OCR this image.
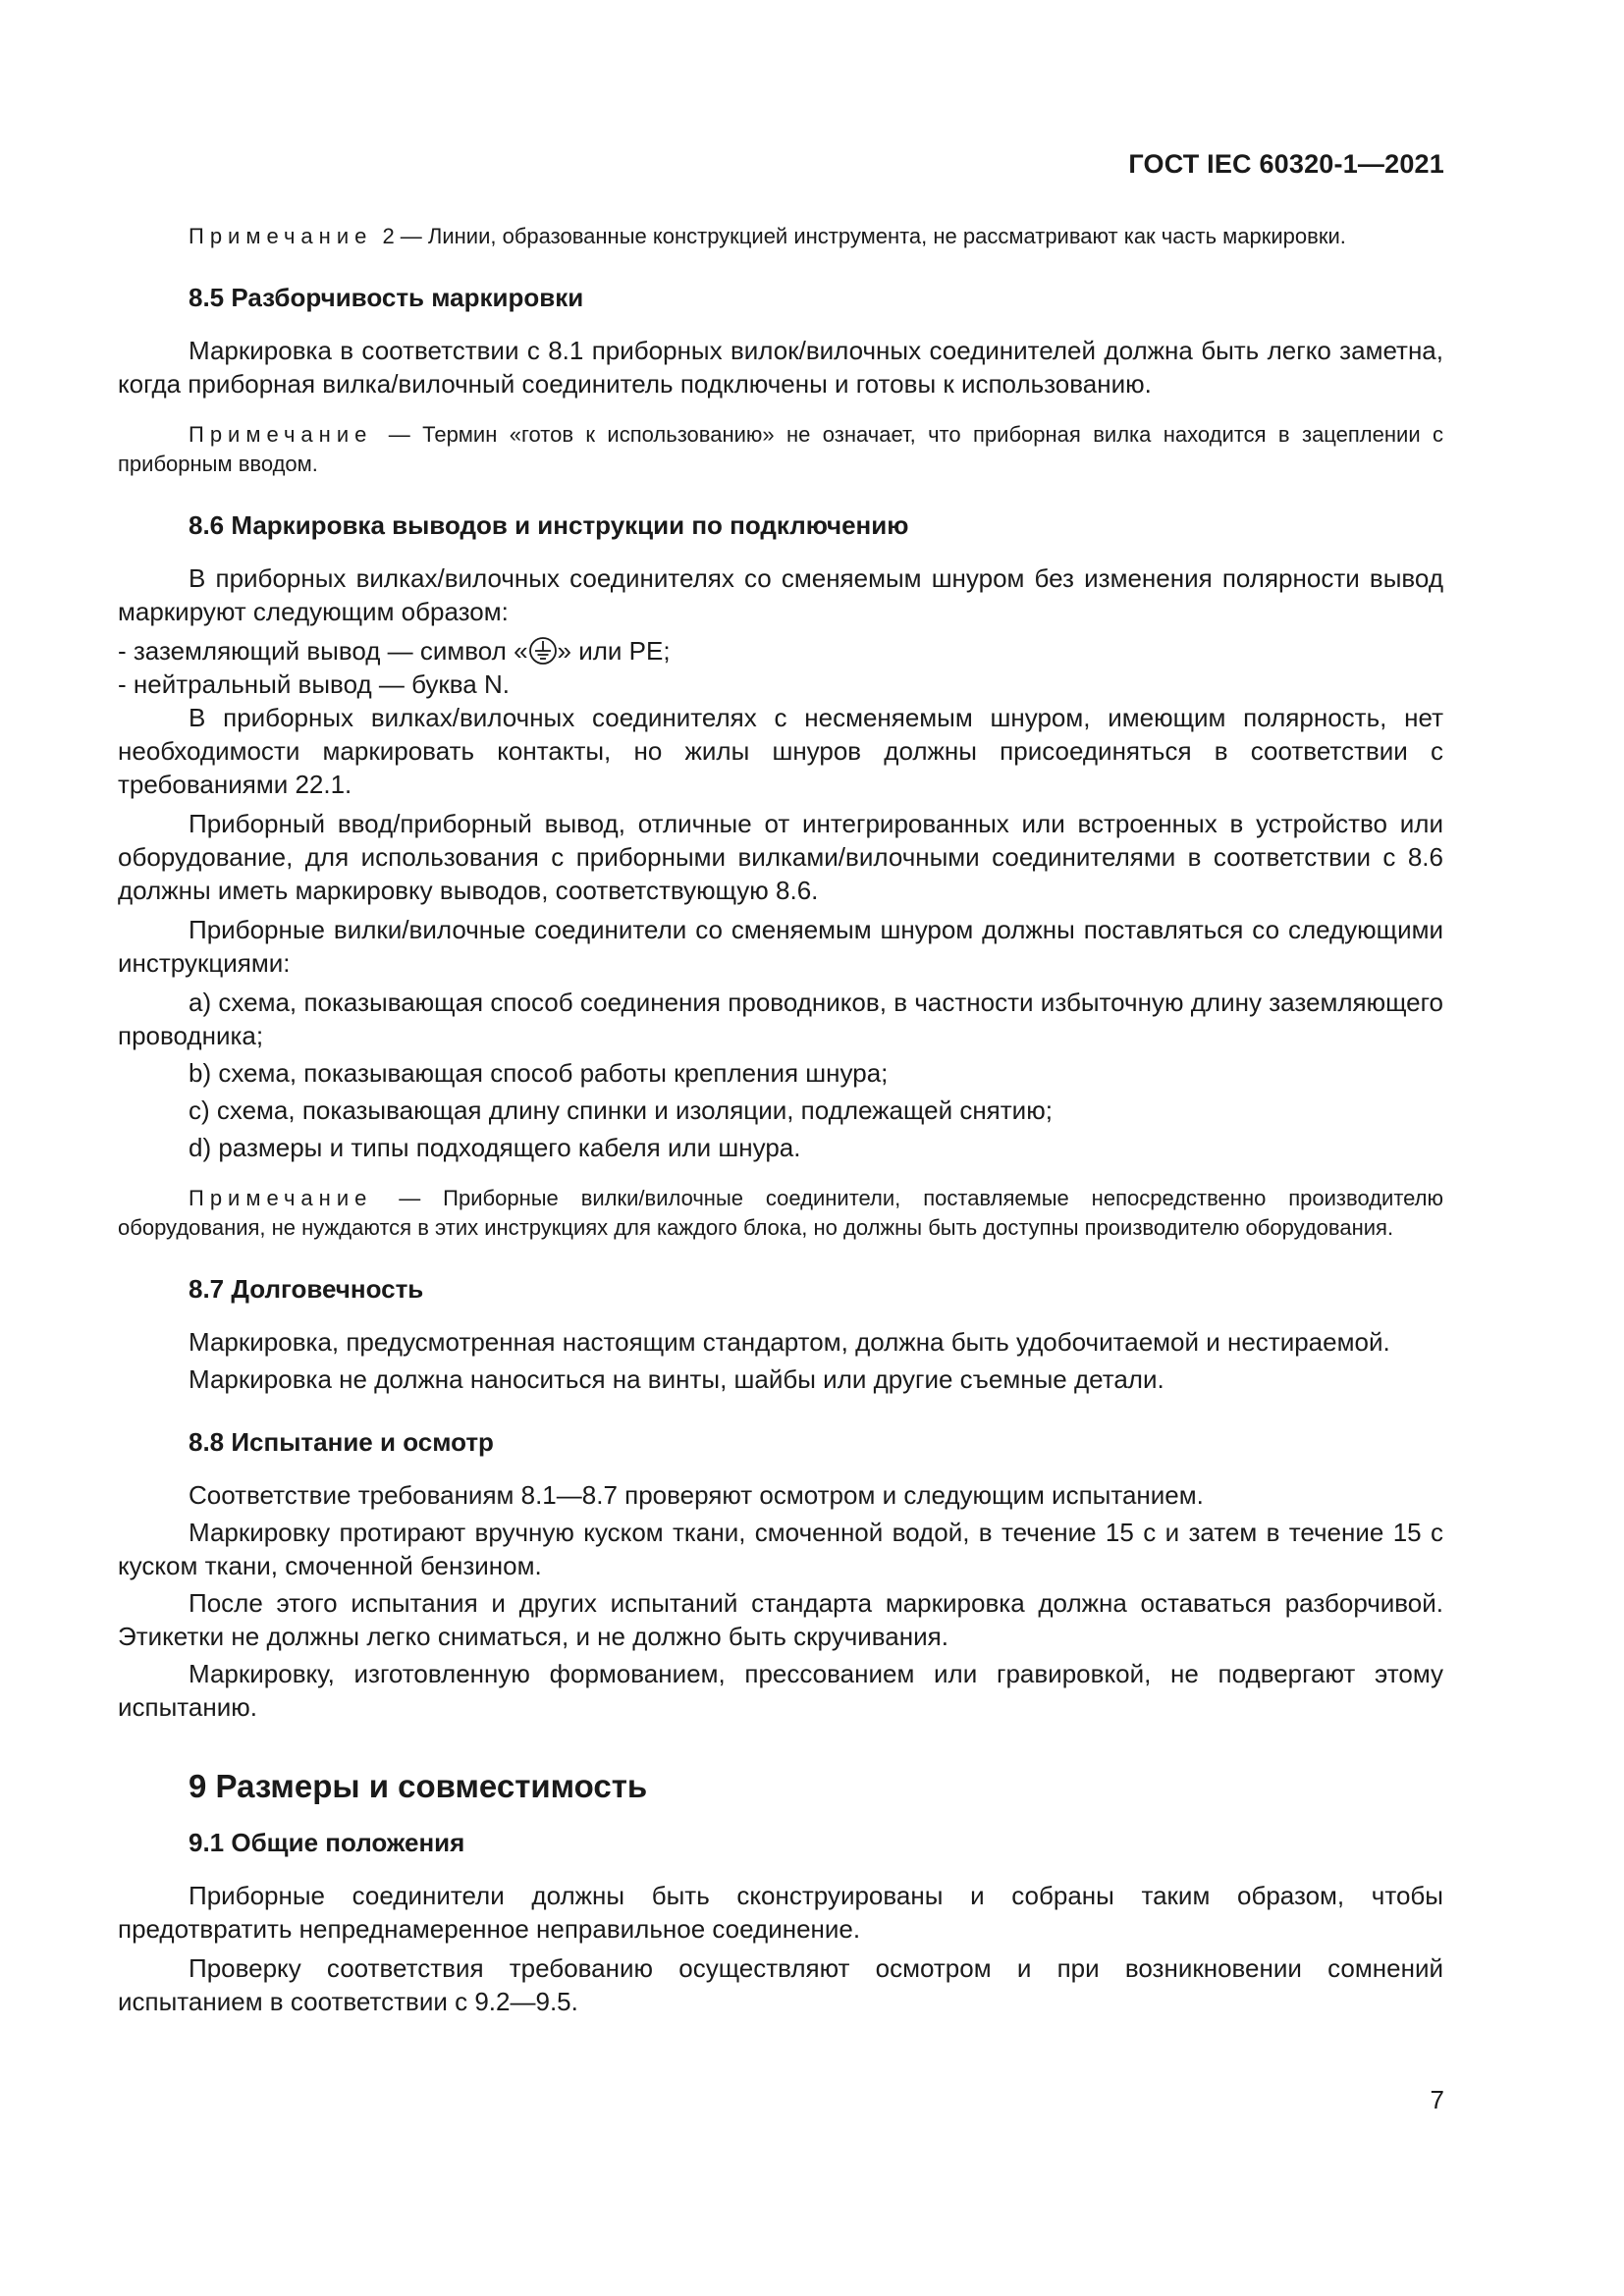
ГОСТ IEC 60320-1—2021

Примечание 2 — Линии, образованные конструкцией инструмента, не рассматривают как часть маркировки.

8.5 Разборчивость маркировки

Маркировка в соответствии с 8.1 приборных вилок/вилочных соединителей должна быть легко заметна, когда приборная вилка/вилочный соединитель подключены и готовы к использованию.

Примечание — Термин «готов к использованию» не означает, что приборная вилка находится в зацеплении с приборным вводом.

8.6 Маркировка выводов и инструкции по подключению

В приборных вилках/вилочных соединителях со сменяемым шнуром без изменения полярности вывод маркируют следующим образом:

- заземляющий вывод — символ « » или PE;

- нейтральный вывод — буква N.

В приборных вилках/вилочных соединителях с несменяемым шнуром, имеющим полярность, нет необходимости маркировать контакты, но жилы шнуров должны присоединяться в соответствии с требованиями 22.1.

Приборный ввод/приборный вывод, отличные от интегрированных или встроенных в устройство или оборудование, для использования с приборными вилками/вилочными соединителями в соответствии с 8.6 должны иметь маркировку выводов, соответствующую 8.6.

Приборные вилки/вилочные соединители со сменяемым шнуром должны поставляться со следующими инструкциями:

a) схема, показывающая способ соединения проводников, в частности избыточную длину заземляющего проводника;

b) схема, показывающая способ работы крепления шнура;

c) схема, показывающая длину спинки и изоляции, подлежащей снятию;

d) размеры и типы подходящего кабеля или шнура.

Примечание — Приборные вилки/вилочные соединители, поставляемые непосредственно производителю оборудования, не нуждаются в этих инструкциях для каждого блока, но должны быть доступны производителю оборудования.

8.7 Долговечность

Маркировка, предусмотренная настоящим стандартом, должна быть удобочитаемой и нестираемой.

Маркировка не должна наноситься на винты, шайбы или другие съемные детали.

8.8 Испытание и осмотр

Соответствие требованиям 8.1—8.7 проверяют осмотром и следующим испытанием.

Маркировку протирают вручную куском ткани, смоченной водой, в течение 15 с и затем в течение 15 с куском ткани, смоченной бензином.

После этого испытания и других испытаний стандарта маркировка должна оставаться разборчивой. Этикетки не должны легко сниматься, и не должно быть скручивания.

Маркировку, изготовленную формованием, прессованием или гравировкой, не подвергают этому испытанию.

9 Размеры и совместимость
9.1 Общие положения

Приборные соединители должны быть сконструированы и собраны таким образом, чтобы предотвратить непреднамеренное неправильное соединение.

Проверку соответствия требованию осуществляют осмотром и при возникновении сомнений испытанием в соответствии с 9.2—9.5.

7
